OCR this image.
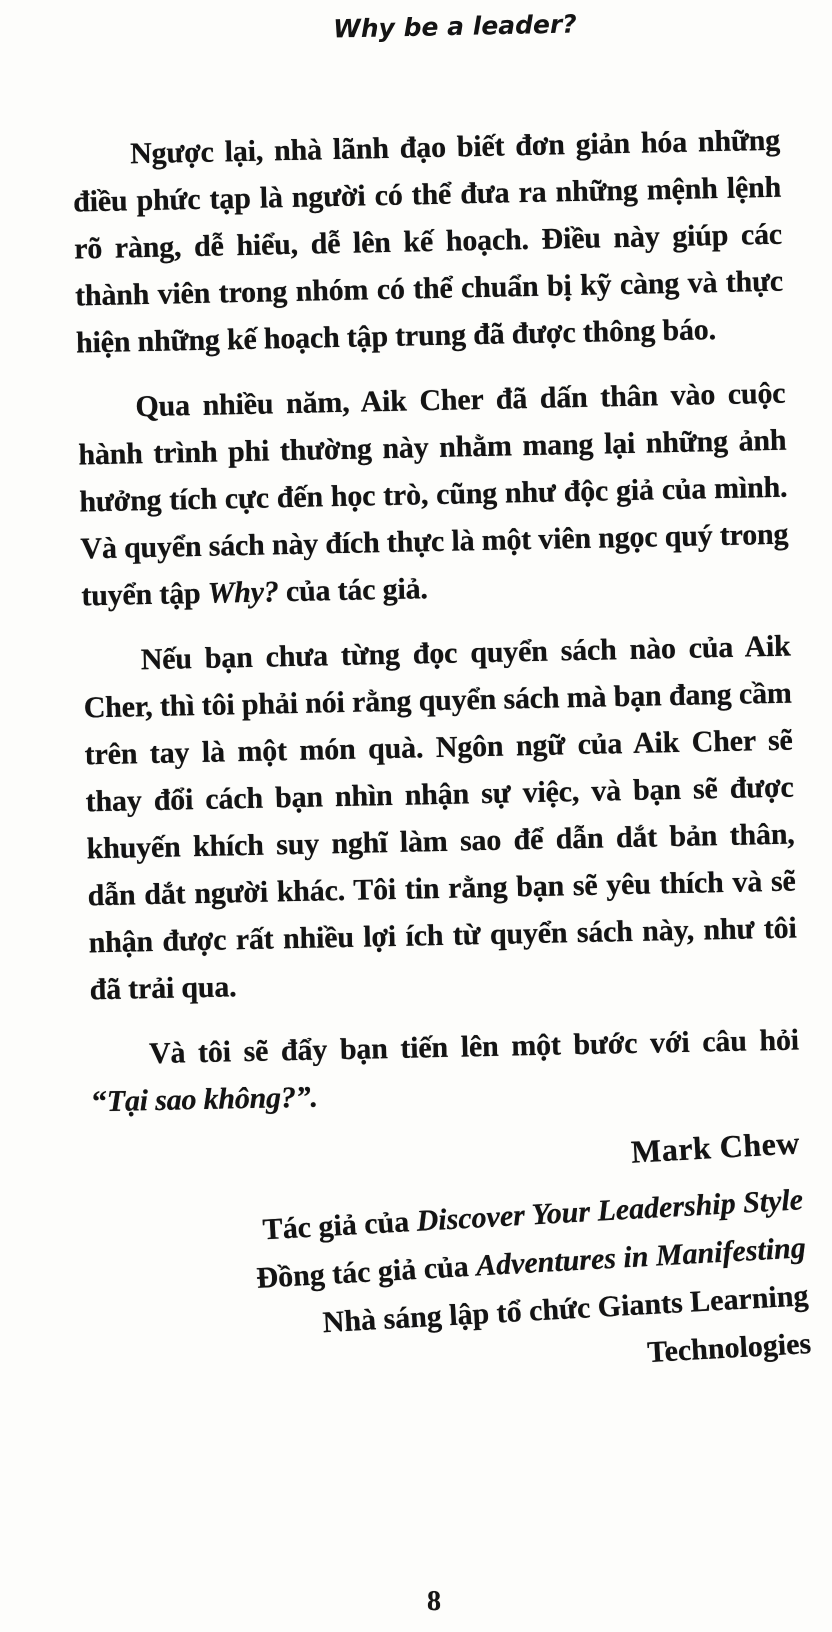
Why be a leader?

Ngược lại, nhà lãnh đạo biết đơn giản hóa những điều phức tạp là người có thể đưa ra những mệnh lệnh rõ ràng, dễ hiểu, dễ lên kế hoạch. Điều này giúp các thành viên trong nhóm có thể chuẩn bị kỹ càng và thực hiện những kế hoạch tập trung đã được thông báo.

Qua nhiều năm, Aik Cher đã dấn thân vào cuộc hành trình phi thường này nhằm mang lại những ảnh hưởng tích cực đến học trò, cũng như độc giả của mình. Và quyển sách này đích thực là một viên ngọc quý trong tuyển tập Why? của tác giả.

Nếu bạn chưa từng đọc quyển sách nào của Aik Cher, thì tôi phải nói rằng quyển sách mà bạn đang cầm trên tay là một món quà. Ngôn ngữ của Aik Cher sẽ thay đổi cách bạn nhìn nhận sự việc, và bạn sẽ được khuyến khích suy nghĩ làm sao để dẫn dắt bản thân, dẫn dắt người khác. Tôi tin rằng bạn sẽ yêu thích và sẽ nhận được rất nhiều lợi ích từ quyển sách này, như tôi đã trải qua.

Và tôi sẽ đẩy bạn tiến lên một bước với câu hỏi “Tại sao không?”.

Mark Chew
Tác giả của Discover Your Leadership Style
Đồng tác giả của Adventures in Manifesting
Nhà sáng lập tổ chức Giants Learning
Technologies
8
